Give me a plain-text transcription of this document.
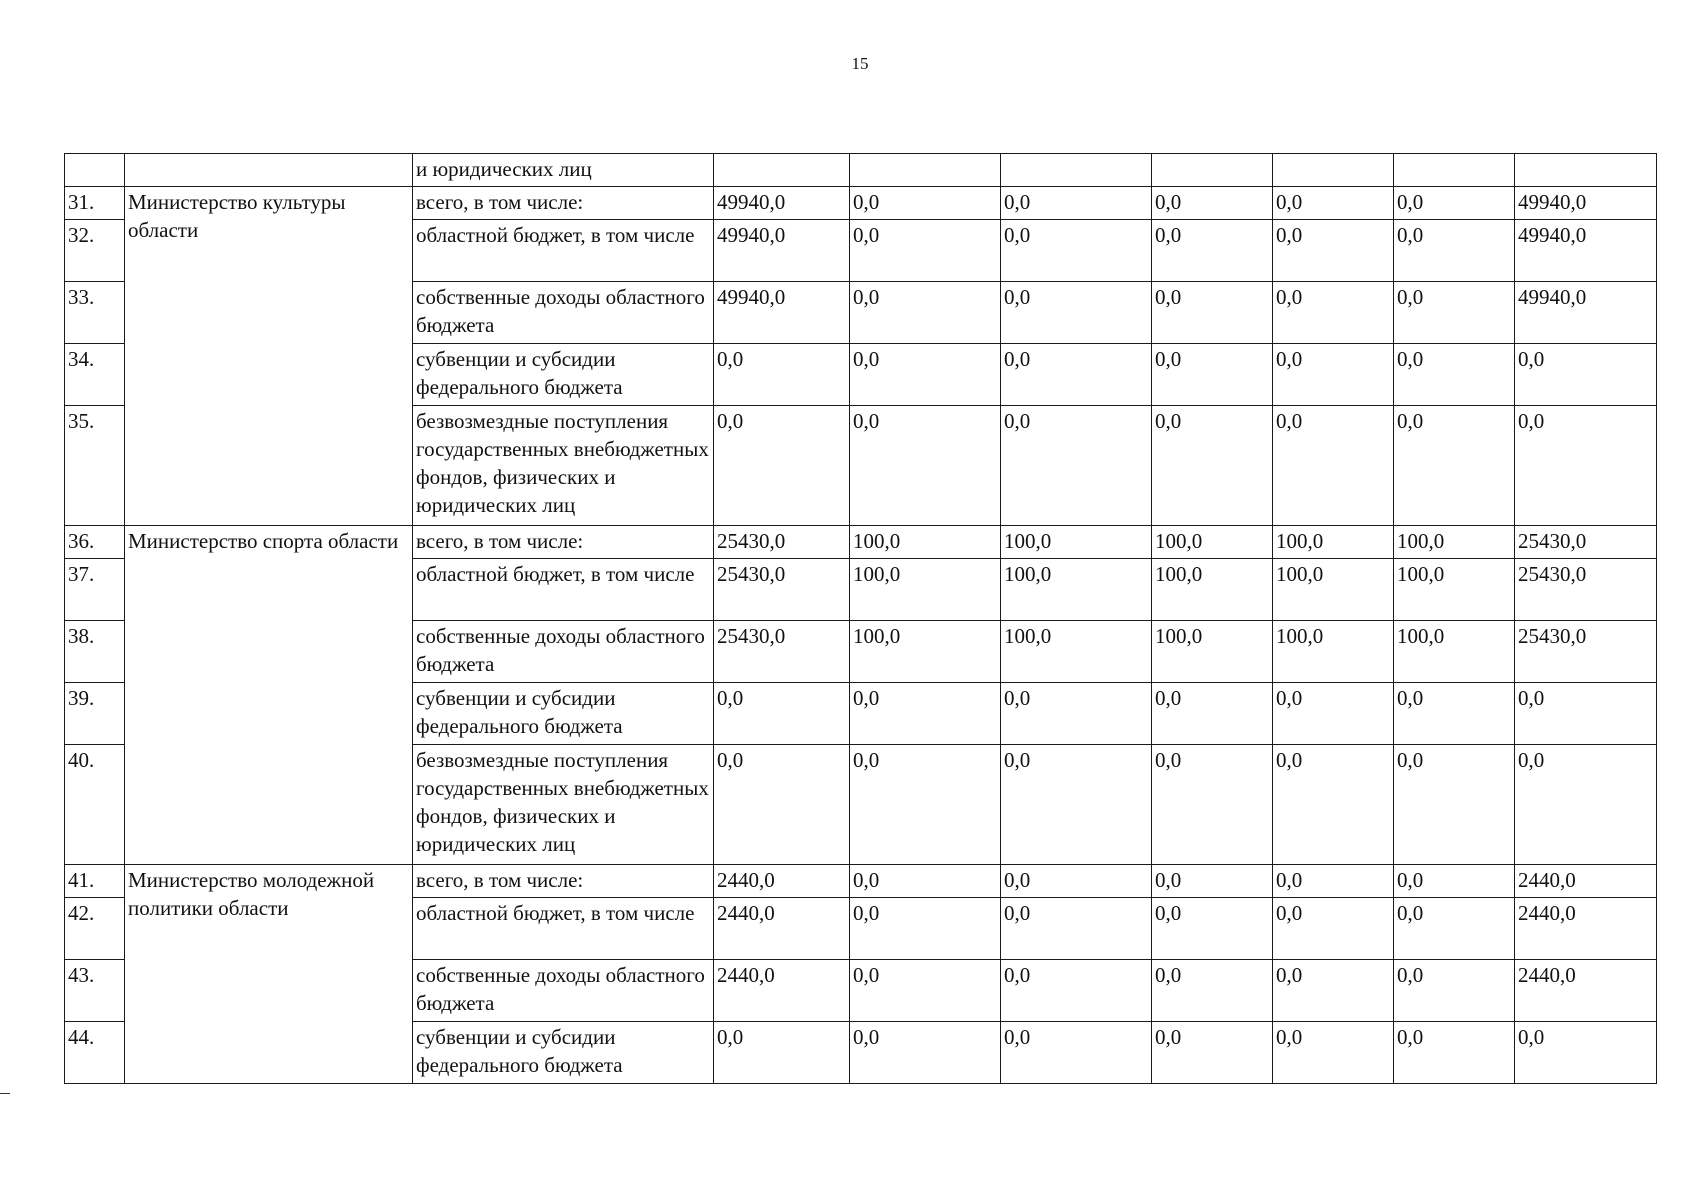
15
		и юридических лиц							
31.	Министерство культуры области	всего, в том числе:	49940,0	0,0	0,0	0,0	0,0	0,0	49940,0
32.		областной бюджет, в том числе	49940,0	0,0	0,0	0,0	0,0	0,0	49940,0
33.		собственные доходы областного бюджета	49940,0	0,0	0,0	0,0	0,0	0,0	49940,0
34.		субвенции и субсидии федерального бюджета	0,0	0,0	0,0	0,0	0,0	0,0	0,0
35.		безвозмездные поступления государственных внебюджетных фондов, физических и юридических лиц	0,0	0,0	0,0	0,0	0,0	0,0	0,0
36.	Министерство спорта области	всего, в том числе:	25430,0	100,0	100,0	100,0	100,0	100,0	25430,0
37.		областной бюджет, в том числе	25430,0	100,0	100,0	100,0	100,0	100,0	25430,0
38.		собственные доходы областного бюджета	25430,0	100,0	100,0	100,0	100,0	100,0	25430,0
39.		субвенции и субсидии федерального бюджета	0,0	0,0	0,0	0,0	0,0	0,0	0,0
40.		безвозмездные поступления государственных внебюджетных фондов, физических и юридических лиц	0,0	0,0	0,0	0,0	0,0	0,0	0,0
41.	Министерство молодежной политики области	всего, в том числе:	2440,0	0,0	0,0	0,0	0,0	0,0	2440,0
42.		областной бюджет, в том числе	2440,0	0,0	0,0	0,0	0,0	0,0	2440,0
43.		собственные доходы областного бюджета	2440,0	0,0	0,0	0,0	0,0	0,0	2440,0
44.		субвенции и субсидии федерального бюджета	0,0	0,0	0,0	0,0	0,0	0,0	0,0
